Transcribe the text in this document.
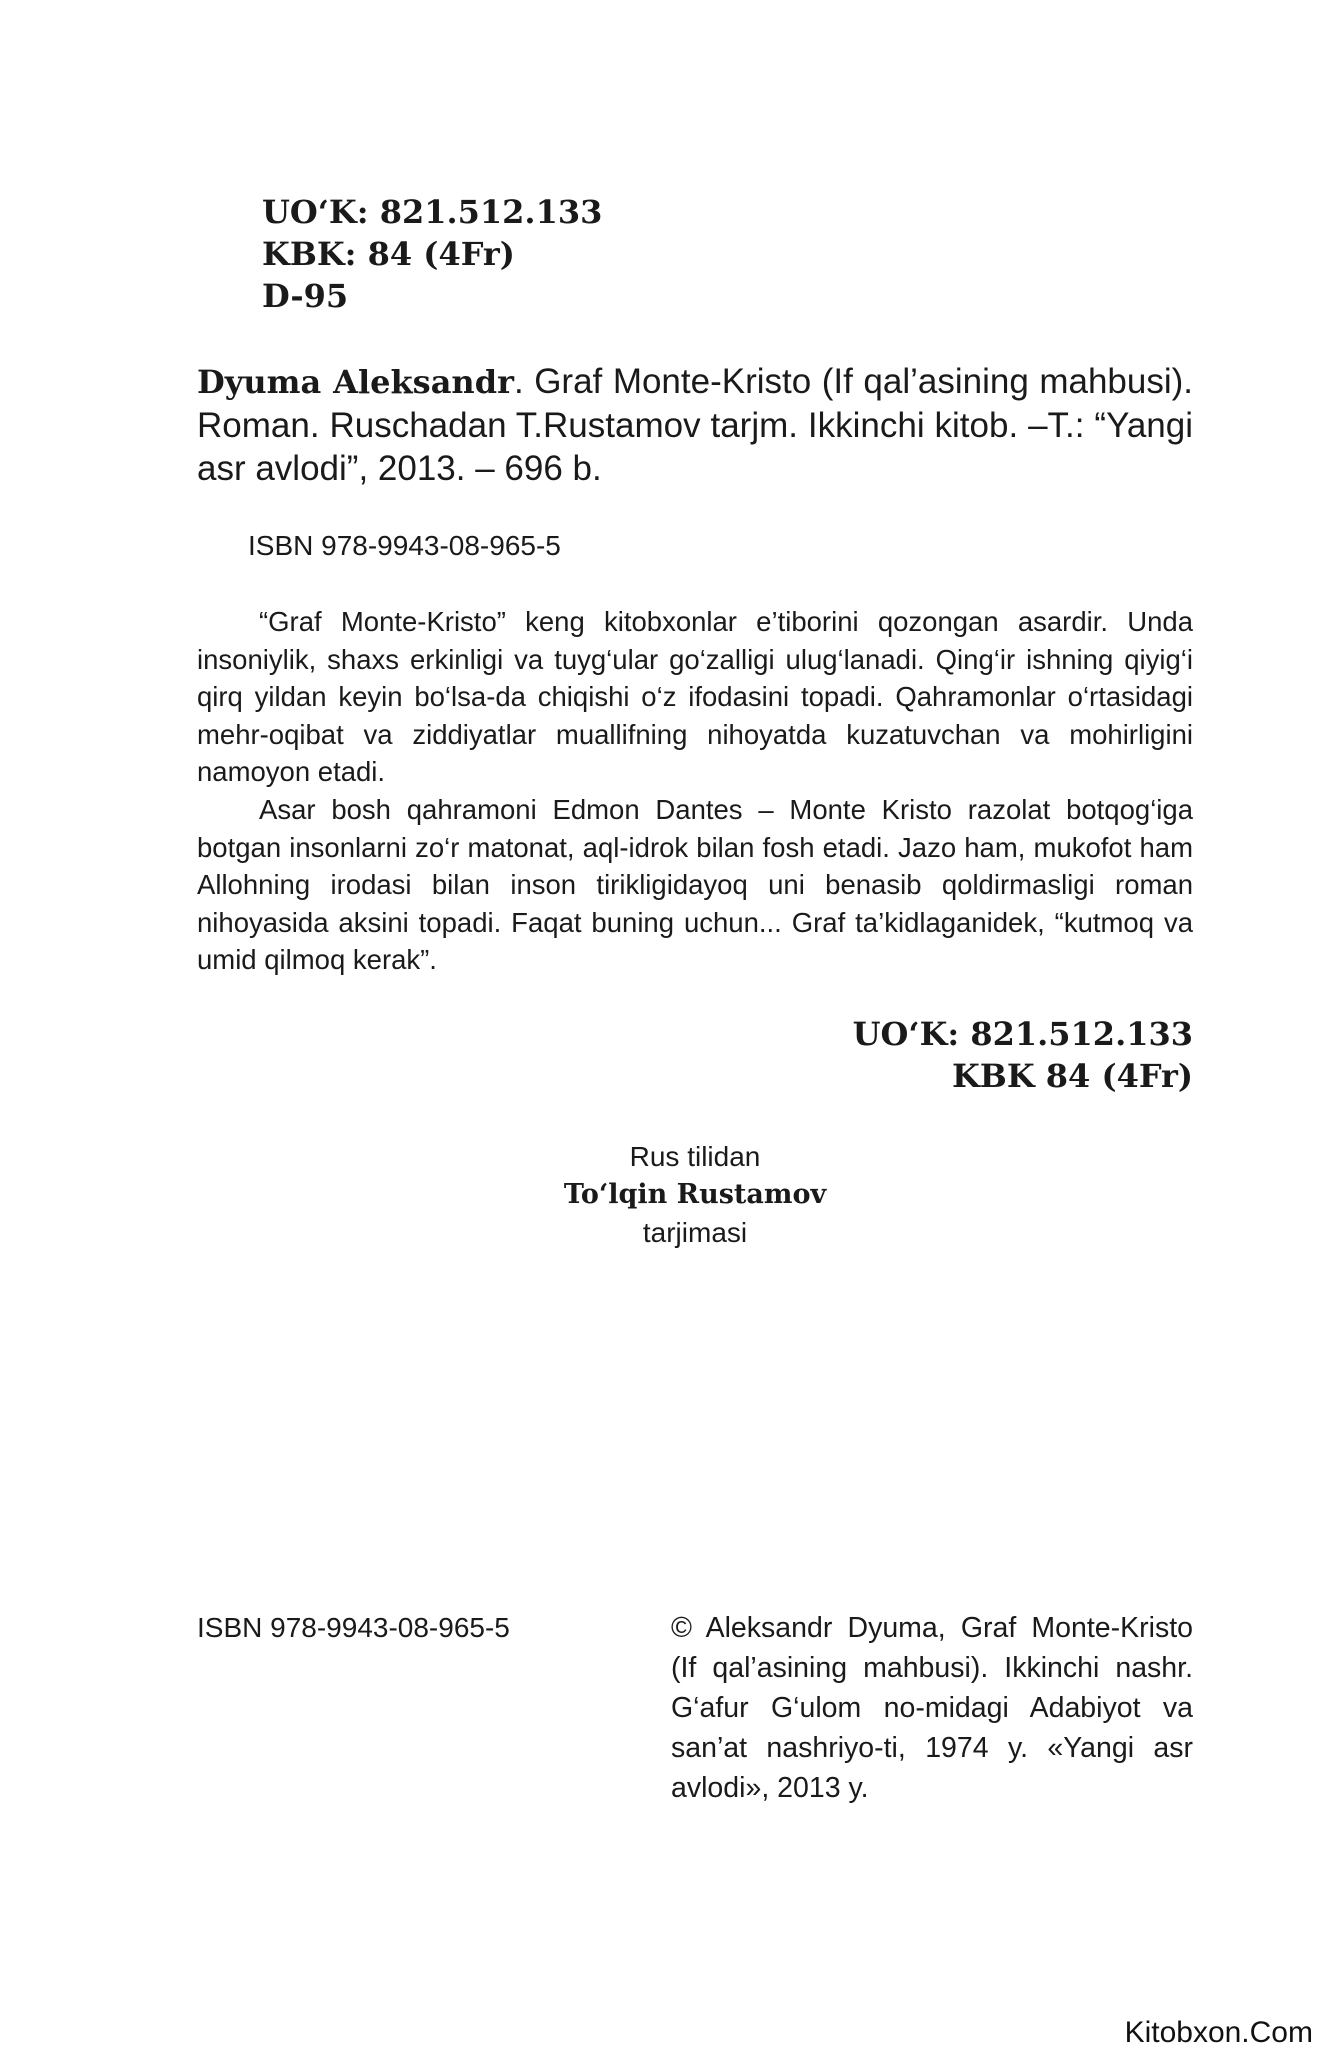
UO‘K: 821.512.133
KBK: 84 (4Fr)
D-95
Dyuma Aleksandr. Graf Monte-Kristo (If qal’asining mahbusi). Roman. Ruschadan T.Rustamov tarjm. Ikkinchi kitob. –T.: “Yangi asr avlodi”, 2013. – 696 b.
ISBN 978-9943-08-965-5

“Graf Monte-Kristo” keng kitobxonlar e’tiborini qozongan asardir. Unda insoniylik, shaxs erkinligi va tuyg‘ular go‘zalligi ulug‘lanadi. Qing‘ir ishning qiyig‘i qirq yildan keyin bo‘lsa-da chiqishi o‘z ifodasini topadi. Qahramonlar o‘rtasidagi mehr-oqibat va ziddiyatlar muallifning nihoyatda kuzatuvchan va mohirligini namoyon etadi.

Asar bosh qahramoni Edmon Dantes – Monte Kristo razolat botqog‘iga botgan insonlarni zo‘r matonat, aql-idrok bilan fosh etadi. Jazo ham, mukofot ham Allohning irodasi bilan inson tirikligidayoq uni benasib qoldirmasligi roman nihoyasida aksini topadi. Faqat buning uchun... Graf ta’kidlaganidek, “kutmoq va umid qilmoq kerak”.

UO‘K: 821.512.133
KBK 84 (4Fr)
Rus tilidan
To‘lqin Rustamov
tarjimasi
ISBN 978-9943-08-965-5	© Aleksandr Dyuma, Graf Monte-Kristo (If qal’asining mahbusi). Ikkinchi nashr. G‘afur G‘ulom no-midagi Adabiyot va san’at nashriyo-ti, 1974 y. «Yangi asr avlodi», 2013 y.
Kitobxon.Com
